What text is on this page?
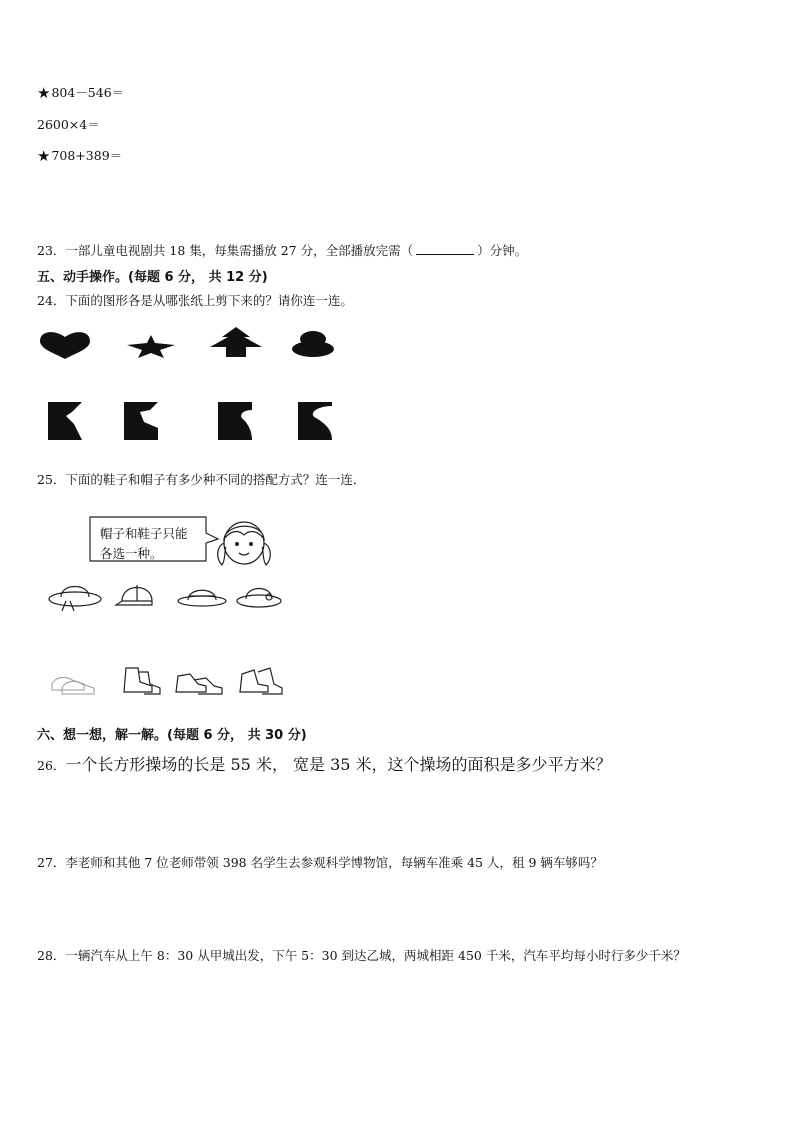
★804－546＝
2600×4＝
★708+389＝
23．一部儿童电视剧共 18 集，每集需播放 27 分，全部播放完需（	）分钟。
五、动手操作。(每题 6 分， 共 12 分)
24．下面的图形各是从哪张纸上剪下来的？请你连一连。
25．下面的鞋子和帽子有多少种不同的搭配方式？连一连．
帽子和鞋子只能
各选一种。
六、想一想，解一解。(每题 6 分， 共 30 分)
26．一个长方形操场的长是 55 米， 宽是 35 米，这个操场的面积是多少平方米？
27．李老师和其他 7 位老师带领 398 名学生去参观科学博物馆，每辆车准乘 45 人，租 9 辆车够吗？
28．一辆汽车从上午 8：30 从甲城出发，下午 5：30 到达乙城，两城相距 450 千米，汽车平均每小时行多少千米？
